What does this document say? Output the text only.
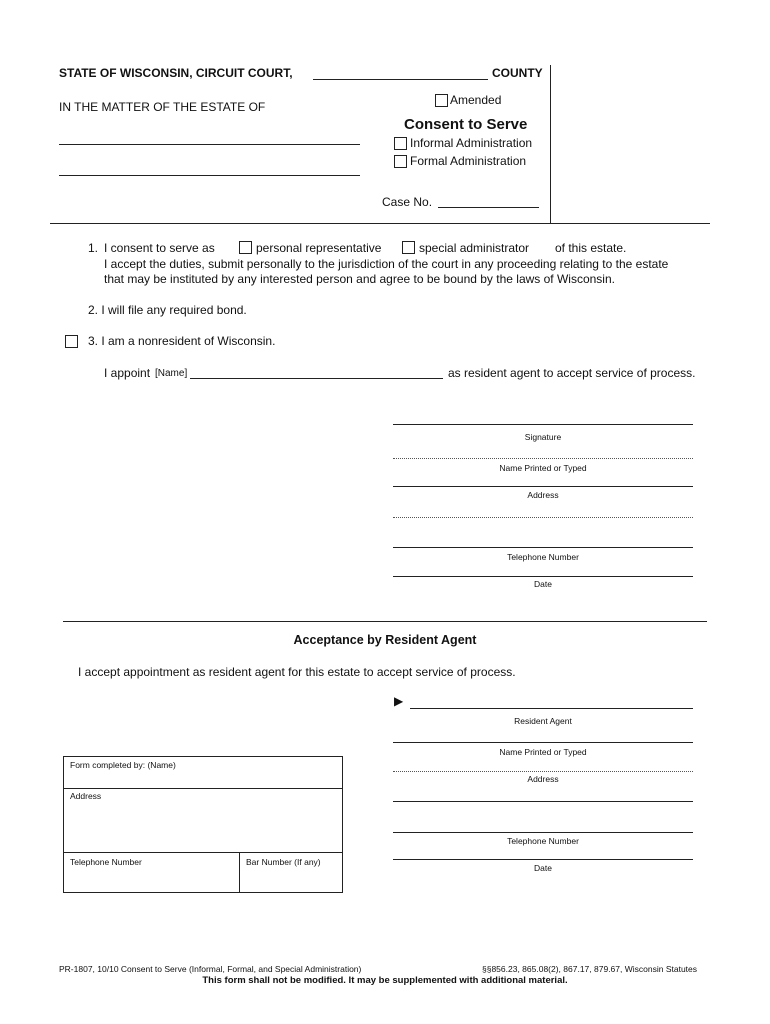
STATE OF WISCONSIN, CIRCUIT COURT,	COUNTY
IN THE MATTER OF THE ESTATE OF	Amended
Consent to Serve
Informal Administration
Formal Administration
Case No.
1. I consent to serve as	personal representative	special administrator of this estate.
I accept the duties, submit personally to the jurisdiction of the court in any proceeding relating to the estate
that may be instituted by any interested person and agree to be bound by the laws of Wisconsin.
2. I will file any required bond.
3. I am a nonresident of Wisconsin.
I appoint [Name]	as resident agent to accept service of process.
Signature
Name Printed or Typed
Address
Telephone Number
Date
Acceptance by Resident Agent
I accept appointment as resident agent for this estate to accept service of process.
▶
Resident Agent
Name Printed or Typed
Address
Telephone Number
Date
Form completed by: (Name)
Address
Telephone Number	Bar Number (If any)
PR-1807, 10/10 Consent to Serve (Informal, Formal, and Special Administration)	§§856.23, 865.08(2), 867.17, 879.67, Wisconsin Statutes
This form shall not be modified. It may be supplemented with additional material.
